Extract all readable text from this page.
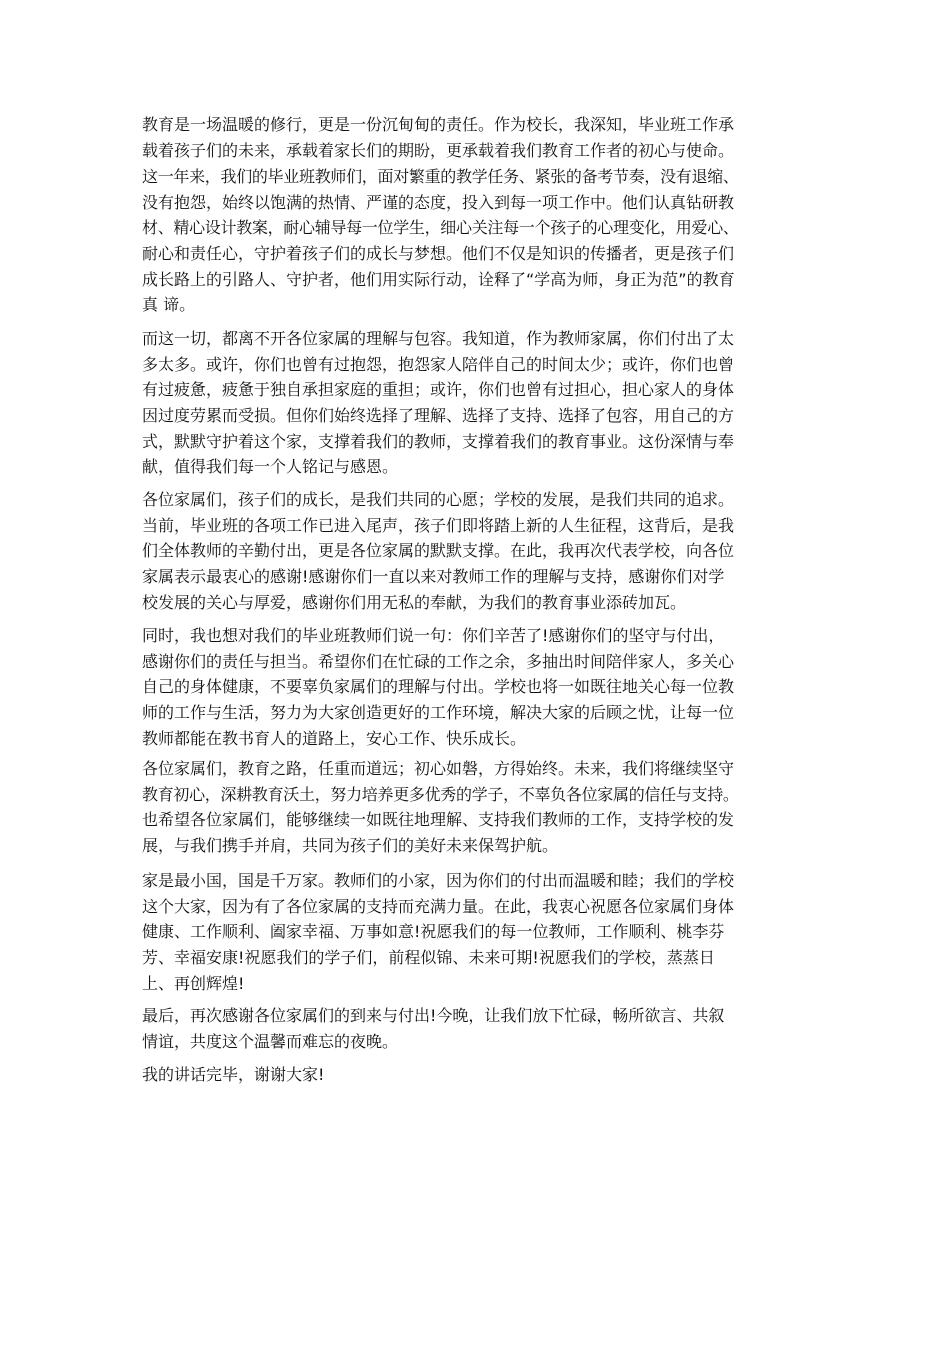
教育是一场温暖的修行，更是一份沉甸甸的责任。作为校长，我深知，毕业班工作承
载着孩子们的未来，承载着家长们的期盼，更承载着我们教育工作者的初心与使命。
这一年来，我们的毕业班教师们，面对繁重的教学任务、紧张的备考节奏，没有退缩、
没有抱怨，始终以饱满的热情、严谨的态度，投入到每一项工作中。他们认真钻研教
材、精心设计教案，耐心辅导每一位学生，细心关注每一个孩子的心理变化，用爱心、
耐心和责任心，守护着孩子们的成长与梦想。他们不仅是知识的传播者，更是孩子们
成长路上的引路人、守护者，他们用实际行动，诠释了“学高为师，身正为范”的教育
真 谛。
而这一切，都离不开各位家属的理解与包容。我知道，作为教师家属，你们付出了太
多太多。或许，你们也曾有过抱怨，抱怨家人陪伴自己的时间太少；或许，你们也曾
有过疲惫，疲惫于独自承担家庭的重担；或许，你们也曾有过担心，担心家人的身体
因过度劳累而受损。但你们始终选择了理解、选择了支持、选择了包容，用自己的方
式，默默守护着这个家，支撑着我们的教师，支撑着我们的教育事业。这份深情与奉
献，值得我们每一个人铭记与感恩。
各位家属们，孩子们的成长，是我们共同的心愿；学校的发展，是我们共同的追求。
当前，毕业班的各项工作已进入尾声，孩子们即将踏上新的人生征程，这背后，是我
们全体教师的辛勤付出，更是各位家属的默默支撑。在此，我再次代表学校，向各位
家属表示最衷心的感谢!感谢你们一直以来对教师工作的理解与支持，感谢你们对学
校发展的关心与厚爱，感谢你们用无私的奉献，为我们的教育事业添砖加瓦。
同时，我也想对我们的毕业班教师们说一句：你们辛苦了!感谢你们的坚守与付出，
感谢你们的责任与担当。希望你们在忙碌的工作之余，多抽出时间陪伴家人，多关心
自己的身体健康，不要辜负家属们的理解与付出。学校也将一如既往地关心每一位教
师的工作与生活，努力为大家创造更好的工作环境，解决大家的后顾之忧，让每一位
教师都能在教书育人的道路上，安心工作、快乐成长。
各位家属们，教育之路，任重而道远；初心如磐，方得始终。未来，我们将继续坚守
教育初心，深耕教育沃土，努力培养更多优秀的学子，不辜负各位家属的信任与支持。
也希望各位家属们，能够继续一如既往地理解、支持我们教师的工作，支持学校的发
展，与我们携手并肩，共同为孩子们的美好未来保驾护航。
家是最小国，国是千万家。教师们的小家，因为你们的付出而温暖和睦；我们的学校
这个大家，因为有了各位家属的支持而充满力量。在此，我衷心祝愿各位家属们身体
健康、工作顺利、阖家幸福、万事如意!祝愿我们的每一位教师，工作顺利、桃李芬
芳、幸福安康!祝愿我们的学子们，前程似锦、未来可期!祝愿我们的学校，蒸蒸日
上、再创辉煌!
最后，再次感谢各位家属们的到来与付出!今晚，让我们放下忙碌，畅所欲言、共叙
情谊，共度这个温馨而难忘的夜晚。
我的讲话完毕，谢谢大家!
